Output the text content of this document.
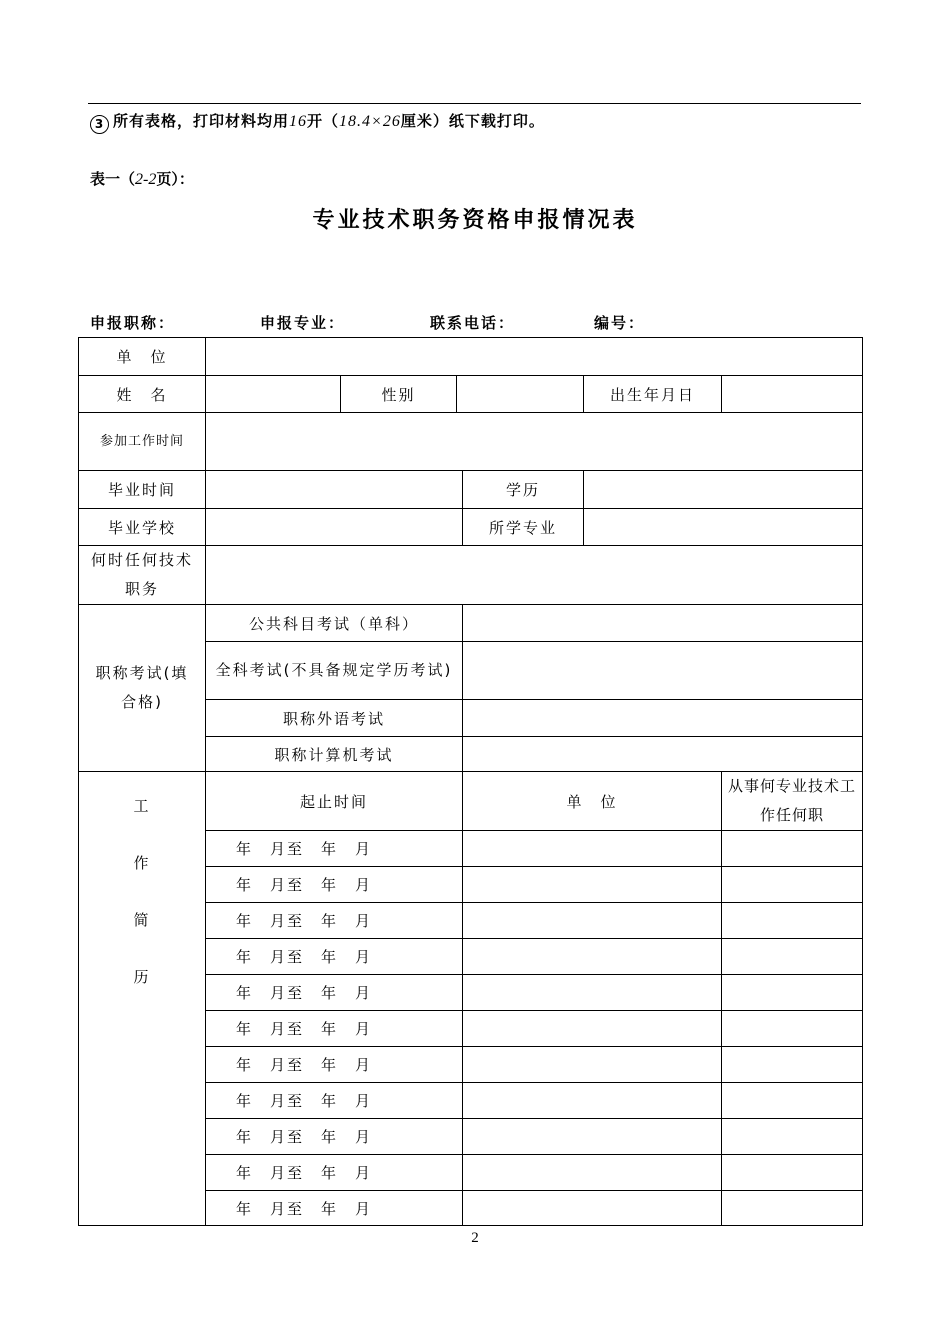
3 所有表格，打印材料均用16开（18.4×26厘米）纸下载打印。
表一（2-2页）：
专业技术职务资格申报情况表
申报职称：	申报专业：	联系电话：	编号：
单　位						
姓　名		性别			出生年月日	
参加工作时间						
毕业时间				学历		
毕业学校				所学专业		
何时任何技术职务						
职称考试(填合格)	公共科目考试（单科）					
	全科考试(不具备规定学历考试)					
	职称外语考试					
	职称计算机考试					
工
作
简
历	起止时间			单　位		从事何专业技术工作任何职
	年　月至　年　月					
	年　月至　年　月					
	年　月至　年　月					
	年　月至　年　月					
	年　月至　年　月					
	年　月至　年　月					
	年　月至　年　月					
	年　月至　年　月					
	年　月至　年　月					
	年　月至　年　月					
	年　月至　年　月					
2
